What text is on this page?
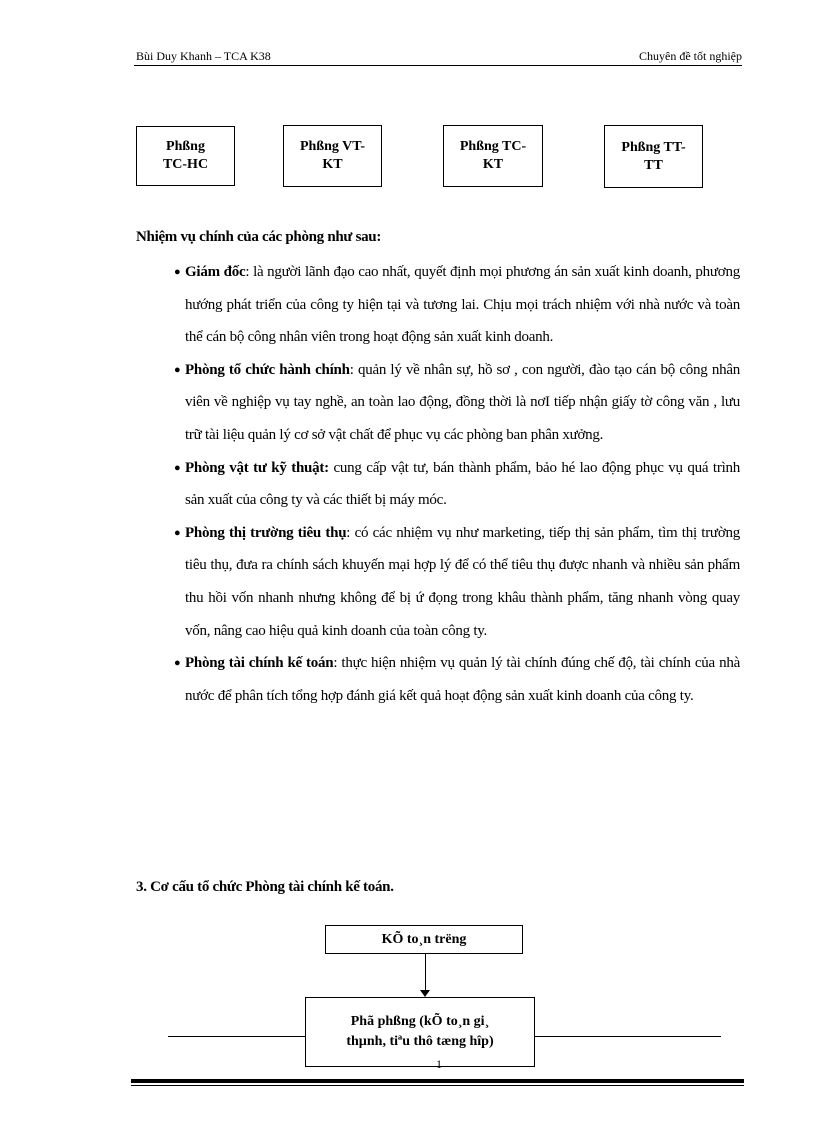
Bùi Duy Khanh – TCA K38	Chuyên đề tốt nghiệp
Phßng
TC-HC
Phßng VT-
KT
Phßng TC-
KT
Phßng TT-
TT
Nhiệm vụ chính của các phòng như sau:
● Giám đốc: là người lãnh đạo cao nhất, quyết định mọi phương án sản xuất kinh doanh, phương hướng phát triển của công ty hiện tại và tương lai. Chịu mọi trách nhiệm với nhà nước và toàn thể cán bộ công nhân viên trong hoạt động sản xuất kinh doanh.
● Phòng tổ chức hành chính: quản lý về nhân sự, hồ sơ , con người, đào tạo cán bộ công nhân viên về nghiệp vụ tay nghề, an toàn lao động, đồng thời là nơI tiếp nhận giấy tờ công văn , lưu trữ tài liệu quản lý cơ sở vật chất để phục vụ các phòng ban phân xưởng.
● Phòng vật tư kỹ thuật: cung cấp vật tư, bán thành phẩm, bảo hé lao động phục vụ quá trình sản xuất của công ty và các thiết bị máy móc.
● Phòng thị trường tiêu thụ: có các nhiệm vụ như marketing, tiếp thị sản phẩm, tìm thị trường tiêu thụ, đưa ra chính sách khuyến mại hợp lý để có thể tiêu thụ được nhanh và nhiều sản phẩm thu hồi vốn nhanh nhưng không để bị ứ đọng trong khâu thành phẩm, tăng nhanh vòng quay vốn, nâng cao hiệu quả kinh doanh của toàn công ty.
● Phòng tài chính kế toán: thực hiện nhiệm vụ quản lý tài chính đúng chế độ, tài chính của nhà nước để phân tích tổng hợp đánh giá kết quả hoạt động sản xuất kinh doanh của công ty.
3. Cơ cấu tổ chức Phòng tài chính kế toán.
KÕ to¸n trëng
Phã phßng (kÕ to¸n gi¸
thµnh, tiªu thô tæng hîp)
1
